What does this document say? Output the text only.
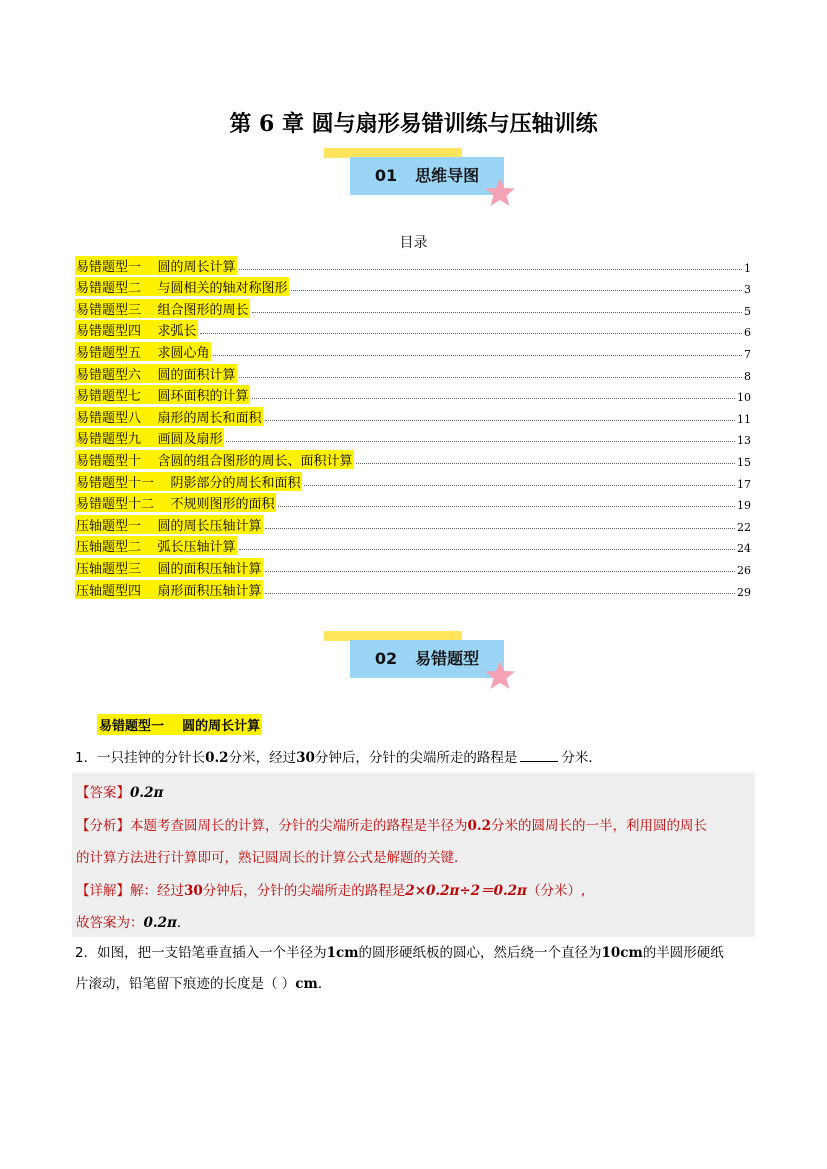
第 6 章 圆与扇形易错训练与压轴训练
01 思维导图
目录
易错题型一    圆的周长计算	1
易错题型二    与圆相关的轴对称图形	3
易错题型三    组合图形的周长	5
易错题型四    求弧长	6
易错题型五    求圆心角	7
易错题型六    圆的面积计算	8
易错题型七    圆环面积的计算	10
易错题型八    扇形的周长和面积	11
易错题型九    画圆及扇形	13
易错题型十    含圆的组合图形的周长、面积计算	15
易错题型十一    阴影部分的周长和面积	17
易错题型十二    不规则图形的面积	19
压轴题型一    圆的周长压轴计算	22
压轴题型二    弧长压轴计算	24
压轴题型三    圆的面积压轴计算	26
压轴题型四    扇形面积压轴计算	29
02 易错题型
易错题型一    圆的周长计算
1．一只挂钟的分针长0.2分米，经过30分钟后，分针的尖端所走的路程是	分米．
【答案】0.2π
【分析】本题考查圆周长的计算，分针的尖端所走的路程是半径为0.2分米的圆周长的一半，利用圆的周长
的计算方法进行计算即可，熟记圆周长的计算公式是解题的关键．
【详解】解：经过30分钟后，分针的尖端所走的路程是2×0.2π÷2＝0.2π（分米）,
故答案为：0.2π．
2．如图，把一支铅笔垂直插入一个半径为1cm的圆形硬纸板的圆心，然后绕一个直径为10cm的半圆形硬纸
片滚动，铅笔留下痕迹的长度是（ ）cm．
